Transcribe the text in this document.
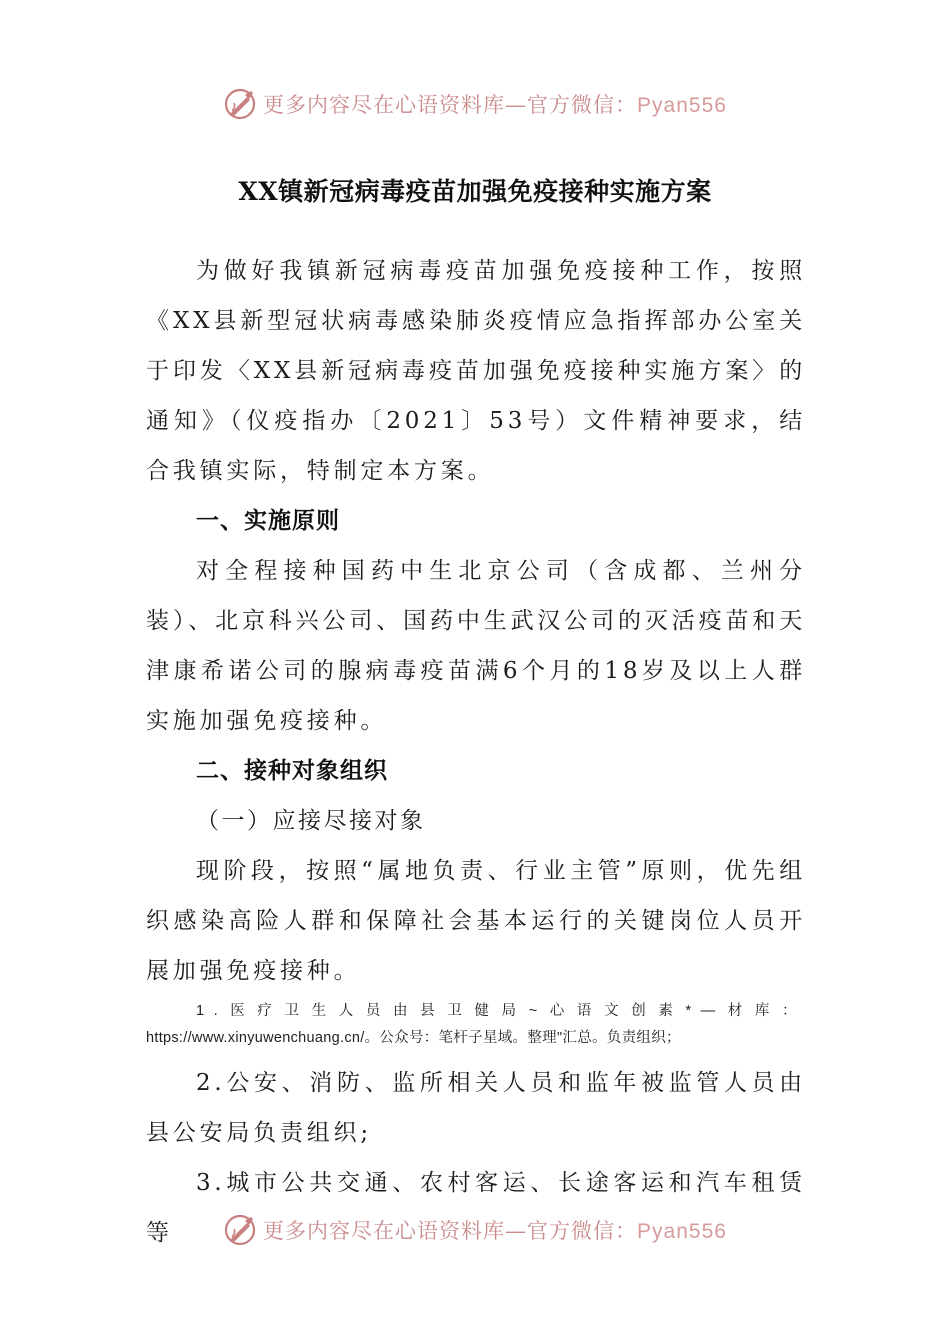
更多内容尽在心语资料库—官方微信：Pyan556
XX镇新冠病毒疫苗加强免疫接种实施方案

为做好我镇新冠病毒疫苗加强免疫接种工作，按照《XX县新型冠状病毒感染肺炎疫情应急指挥部办公室关于印发〈XX县新冠病毒疫苗加强免疫接种实施方案〉的通知》（仪疫指办〔2021〕53号）文件精神要求，结合我镇实际，特制定本方案。

一、实施原则

对全程接种国药中生北京公司（含成都、兰州分装）、北京科兴公司、国药中生武汉公司的灭活疫苗和天津康希诺公司的腺病毒疫苗满6个月的18岁及以上人群实施加强免疫接种。

二、接种对象组织

（一）应接尽接对象

现阶段，按照“属地负责、行业主管”原则，优先组织感染高险人群和保障社会基本运行的关键岗位人员开展加强免疫接种。

1.医疗卫生人员由县卫健局~心语文创素*—材库： https://www.xinyuwenchuang.cn/。公众号：笔杆子星域。整理"汇总。负责组织；

2.公安、消防、监所相关人员和监年被监管人员由县公安局负责组织;

3.城市公共交通、农村客运、长途客运和汽车租赁等	更多内容尽在心语资料库—官方微信：Pyan556
